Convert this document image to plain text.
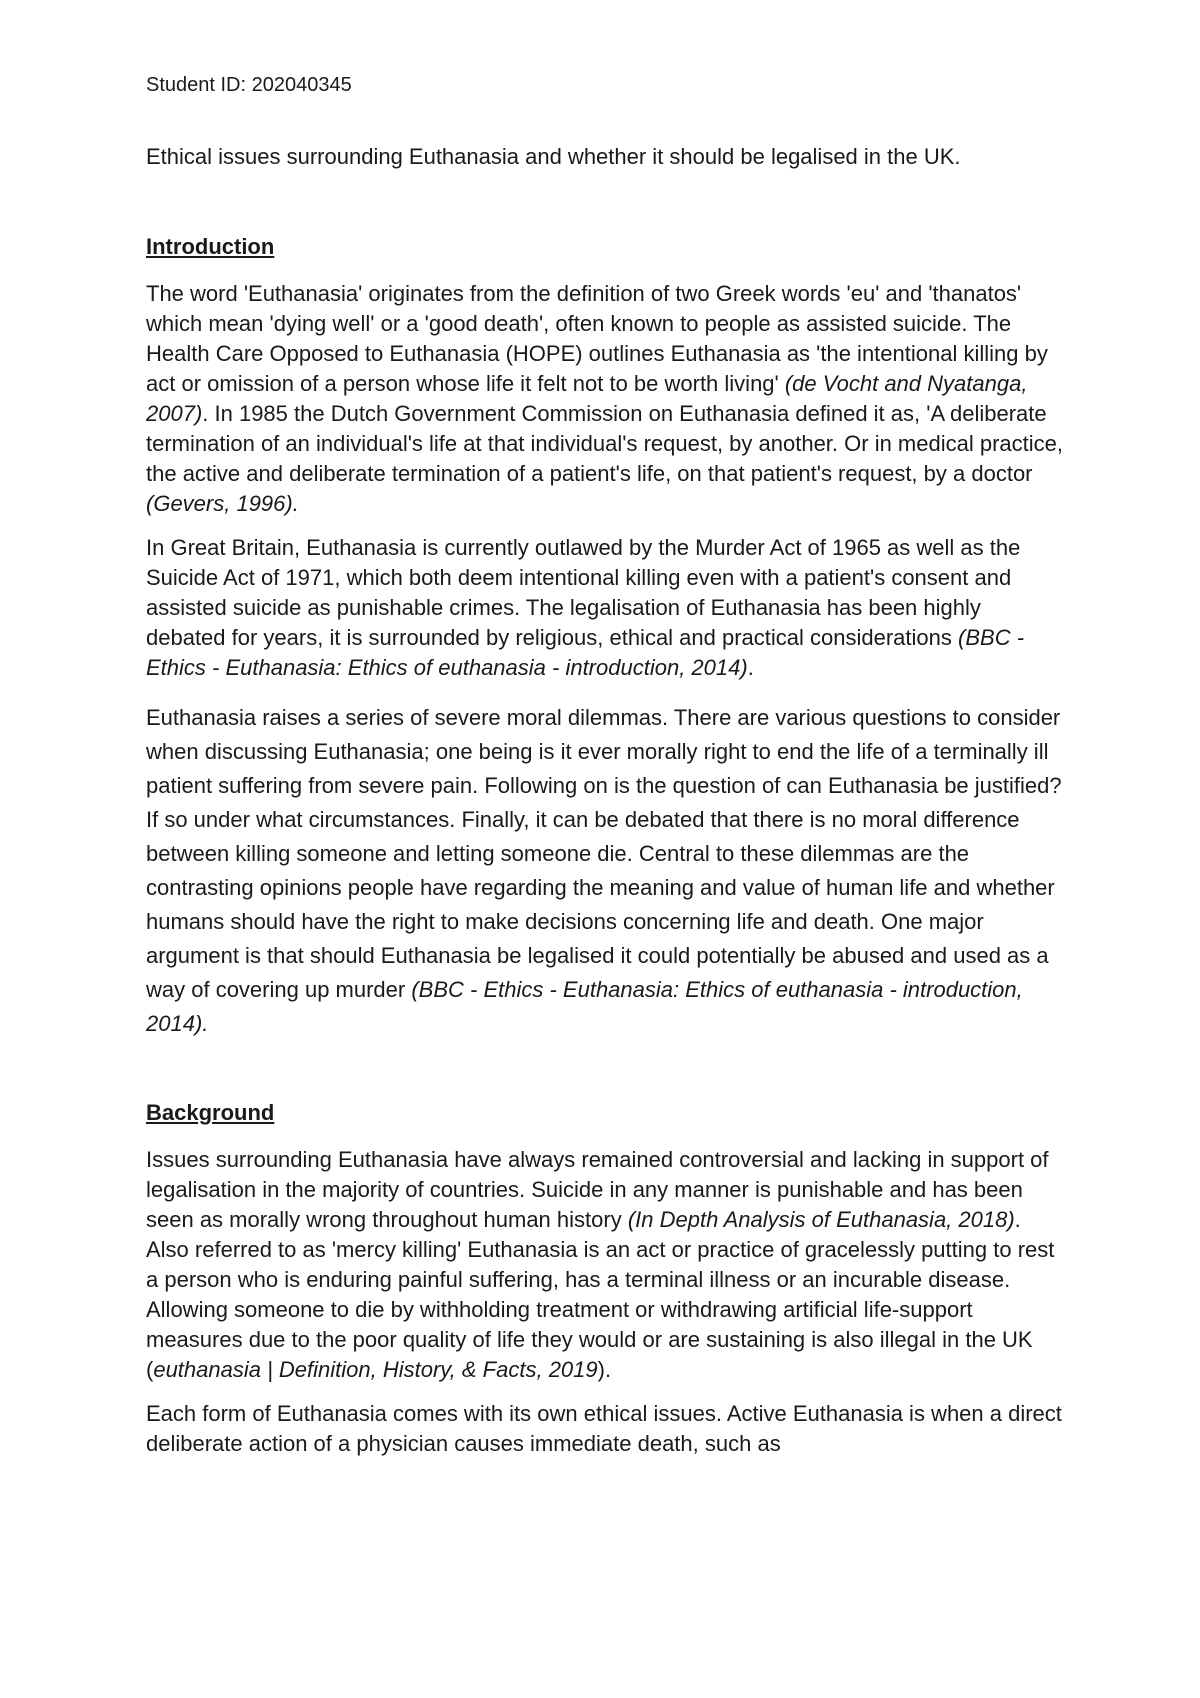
Student ID: 202040345

Ethical issues surrounding Euthanasia and whether it should be legalised in the UK.

Introduction

The word 'Euthanasia' originates from the definition of two Greek words 'eu' and 'thanatos' which mean 'dying well' or a 'good death', often known to people as assisted suicide. The Health Care Opposed to Euthanasia (HOPE) outlines Euthanasia as 'the intentional killing by act or omission of a person whose life it felt not to be worth living' (de Vocht and Nyatanga, 2007). In 1985 the Dutch Government Commission on Euthanasia defined it as, 'A deliberate termination of an individual's life at that individual's request, by another. Or in medical practice, the active and deliberate termination of a patient's life, on that patient's request, by a doctor (Gevers, 1996).

In Great Britain, Euthanasia is currently outlawed by the Murder Act of 1965 as well as the Suicide Act of 1971, which both deem intentional killing even with a patient's consent and assisted suicide as punishable crimes. The legalisation of Euthanasia has been highly debated for years, it is surrounded by religious, ethical and practical considerations (BBC - Ethics - Euthanasia: Ethics of euthanasia - introduction, 2014).

Euthanasia raises a series of severe moral dilemmas. There are various questions to consider when discussing Euthanasia; one being is it ever morally right to end the life of a terminally ill patient suffering from severe pain. Following on is the question of can Euthanasia be justified? If so under what circumstances. Finally, it can be debated that there is no moral difference between killing someone and letting someone die. Central to these dilemmas are the contrasting opinions people have regarding the meaning and value of human life and whether humans should have the right to make decisions concerning life and death. One major argument is that should Euthanasia be legalised it could potentially be abused and used as a way of covering up murder (BBC - Ethics - Euthanasia: Ethics of euthanasia - introduction, 2014).

Background

Issues surrounding Euthanasia have always remained controversial and lacking in support of legalisation in the majority of countries. Suicide in any manner is punishable and has been seen as morally wrong throughout human history (In Depth Analysis of Euthanasia, 2018). Also referred to as 'mercy killing' Euthanasia is an act or practice of gracelessly putting to rest a person who is enduring painful suffering, has a terminal illness or an incurable disease. Allowing someone to die by withholding treatment or withdrawing artificial life-support measures due to the poor quality of life they would or are sustaining is also illegal in the UK (euthanasia | Definition, History, & Facts, 2019).

Each form of Euthanasia comes with its own ethical issues. Active Euthanasia is when a direct deliberate action of a physician causes immediate death, such as
